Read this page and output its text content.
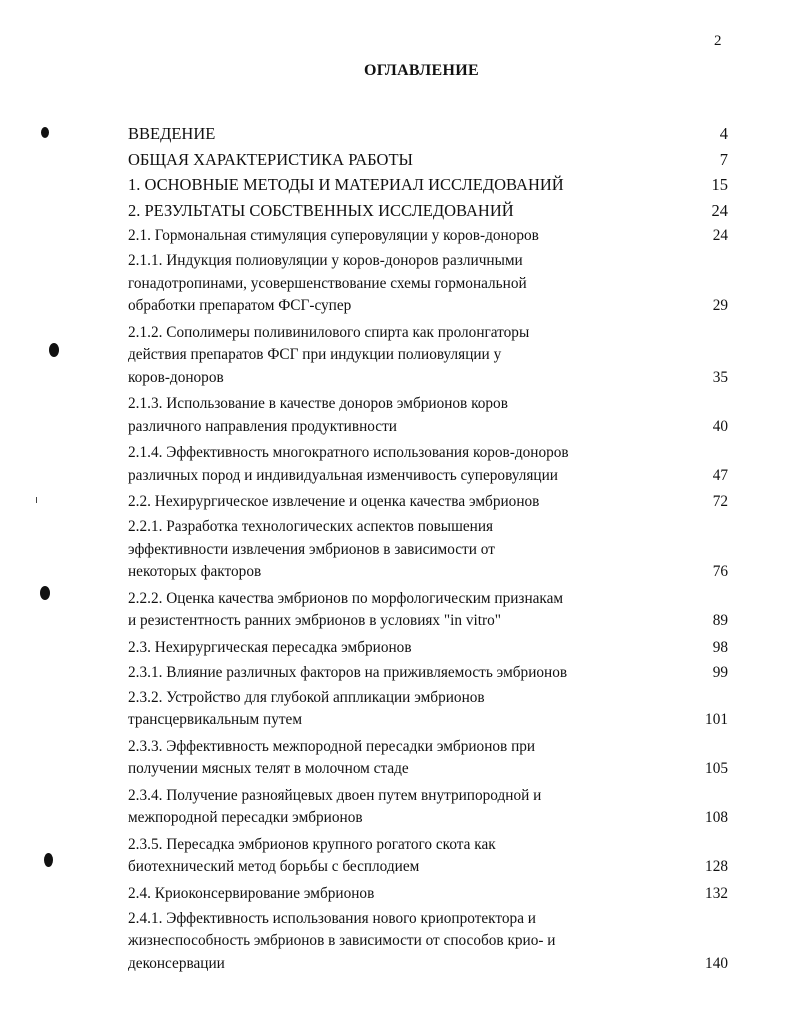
2
ОГЛАВЛЕНИЕ
ВВЕДЕНИЕ	4
ОБЩАЯ ХАРАКТЕРИСТИКА РАБОТЫ	7
1. ОСНОВНЫЕ МЕТОДЫ И МАТЕРИАЛ ИССЛЕДОВАНИЙ	15
2. РЕЗУЛЬТАТЫ СОБСТВЕННЫХ ИССЛЕДОВАНИЙ	24
2.1. Гормональная стимуляция суперовуляции у коров-доноров	24
2.1.1. Индукция полиовуляции у коров-доноров различными
гонадотропинами, усовершенствование схемы гормональной
обработки препаратом ФСГ-супер	29
2.1.2. Сополимеры поливинилового спирта как пролонгаторы
действия препаратов ФСГ при индукции полиовуляции у
коров-доноров	35
2.1.3. Использование в качестве доноров эмбрионов коров
различного направления продуктивности	40
2.1.4. Эффективность многократного использования коров-доноров
различных пород и индивидуальная изменчивость суперовуляции	47
2.2. Нехирургическое извлечение и оценка качества эмбрионов	72
2.2.1. Разработка технологических аспектов повышения
эффективности извлечения эмбрионов в зависимости от
некоторых факторов	76
2.2.2. Оценка качества эмбрионов по морфологическим признакам
и резистентность ранних эмбрионов в условиях "in vitro"	89
2.3. Нехирургическая пересадка эмбрионов	98
2.3.1. Влияние различных факторов на приживляемость эмбрионов	99
2.3.2. Устройство для глубокой аппликации эмбрионов
трансцервикальным путем	101
2.3.3. Эффективность межпородной пересадки эмбрионов при
получении мясных телят в молочном стаде	105
2.3.4. Получение разнояйцевых двоен путем внутрипородной и
межпородной пересадки эмбрионов	108
2.3.5. Пересадка эмбрионов крупного рогатого скота как
биотехнический метод борьбы с бесплодием	128
2.4. Криоконсервирование эмбрионов	132
2.4.1. Эффективность использования нового криопротектора и
жизнеспособность эмбрионов в зависимости от способов крио- и
деконсервации	140
